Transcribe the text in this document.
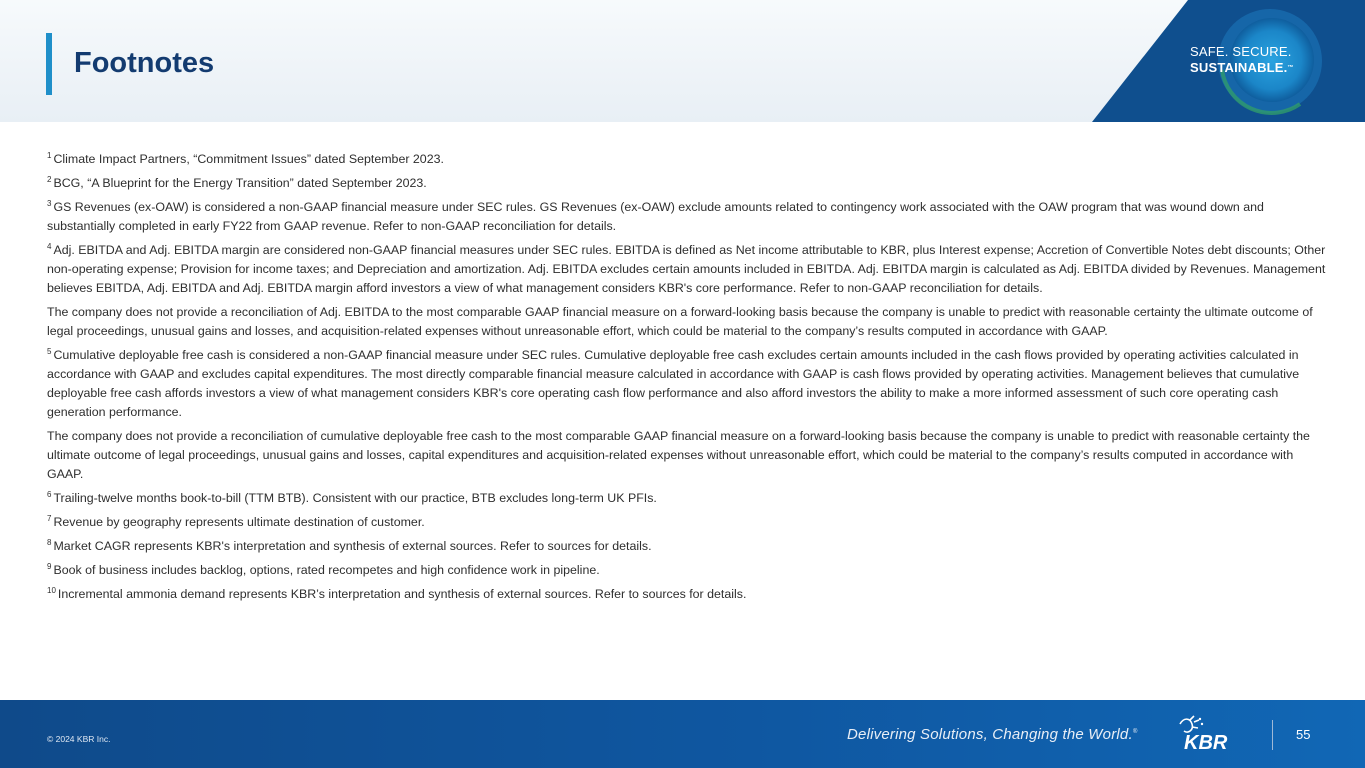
Footnotes	SAFE. SECURE.
SUSTAINABLE.™

$^1$ Climate Impact Partners, “Commitment Issues” dated September 2023.

$^2$ BCG, “A Blueprint for the Energy Transition” dated September 2023.

$^3$ GS Revenues (ex-OAW) is considered a non-GAAP financial measure under SEC rules. GS Revenues (ex-OAW) exclude amounts related to contingency work associated with the OAW program that was wound down and substantially completed in early FY22 from GAAP revenue. Refer to non-GAAP reconciliation for details.

$^4$ Adj. EBITDA and Adj. EBITDA margin are considered non-GAAP financial measures under SEC rules. EBITDA is defined as Net income attributable to KBR, plus Interest expense; Accretion of Convertible Notes debt discounts; Other non-operating expense; Provision for income taxes; and Depreciation and amortization. Adj. EBITDA excludes certain amounts included in EBITDA. Adj. EBITDA margin is calculated as Adj. EBITDA divided by Revenues. Management believes EBITDA, Adj. EBITDA and Adj. EBITDA margin afford investors a view of what management considers KBR's core performance. Refer to non-GAAP reconciliation for details.

The company does not provide a reconciliation of Adj. EBITDA to the most comparable GAAP financial measure on a forward-looking basis because the company is unable to predict with reasonable certainty the ultimate outcome of legal proceedings, unusual gains and losses, and acquisition-related expenses without unreasonable effort, which could be material to the company’s results computed in accordance with GAAP.

$^5$ Cumulative deployable free cash is considered a non-GAAP financial measure under SEC rules. Cumulative deployable free cash excludes certain amounts included in the cash flows provided by operating activities calculated in accordance with GAAP and excludes capital expenditures. The most directly comparable financial measure calculated in accordance with GAAP is cash flows provided by operating activities. Management believes that cumulative deployable free cash affords investors a view of what management considers KBR's core operating cash flow performance and also afford investors the ability to make a more informed assessment of such core operating cash generation performance.

The company does not provide a reconciliation of cumulative deployable free cash to the most comparable GAAP financial measure on a forward-looking basis because the company is unable to predict with reasonable certainty the ultimate outcome of legal proceedings, unusual gains and losses, capital expenditures and acquisition-related expenses without unreasonable effort, which could be material to the company’s results computed in accordance with GAAP.

$^6$ Trailing-twelve months book-to-bill (TTM BTB). Consistent with our practice, BTB excludes long-term UK PFIs.

$^7$ Revenue by geography represents ultimate destination of customer.

$^8$ Market CAGR represents KBR's interpretation and synthesis of external sources. Refer to sources for details.

$^9$ Book of business includes backlog, options, rated recompetes and high confidence work in pipeline.

$^{10}$ Incremental ammonia demand represents KBR’s interpretation and synthesis of external sources. Refer to sources for details.

© 2024 KBR Inc.	Delivering Solutions, Changing the World.® KBR	55
